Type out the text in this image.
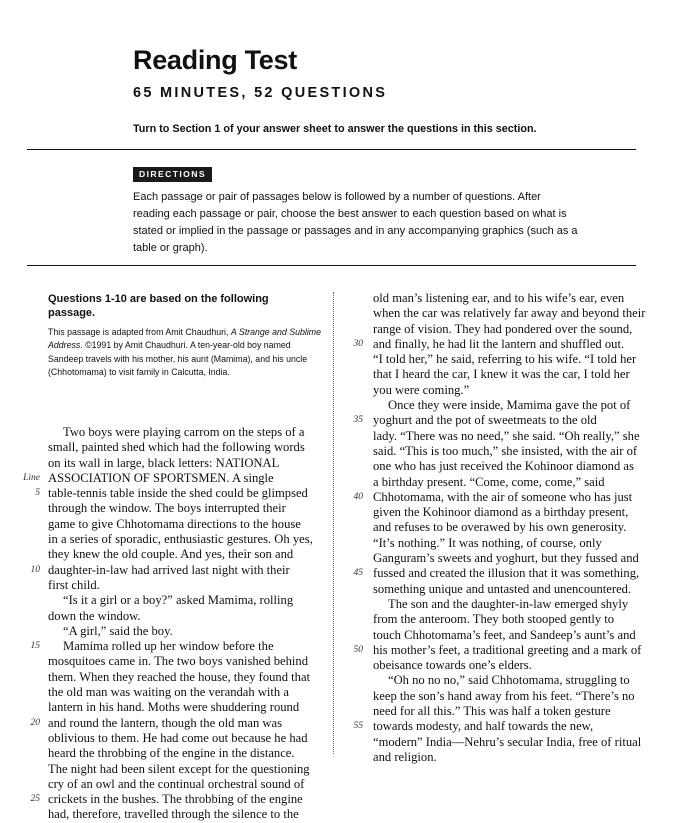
Reading Test
65 MINUTES, 52 QUESTIONS
Turn to Section 1 of your answer sheet to answer the questions in this section.
DIRECTIONS
Each passage or pair of passages below is followed by a number of questions. After reading each passage or pair, choose the best answer to each question based on what is stated or implied in the passage or passages and in any accompanying graphics (such as a table or graph).
Questions 1-10 are based on the following passage.
This passage is adapted from Amit Chaudhuri, A Strange and Sublime Address. ©1991 by Amit Chaudhuri. A ten-year-old boy named Sandeep travels with his mother, his aunt (Mamima), and his uncle (Chhotomama) to visit family in Calcutta, India.
Two boys were playing carrom on the steps of a
small, painted shed which had the following words
on its wall in large, black letters: NATIONAL
Line ASSOCIATION OF SPORTSMEN. A single
5 table-tennis table inside the shed could be glimpsed
through the window. The boys interrupted their
game to give Chhotomama directions to the house
in a series of sporadic, enthusiastic gestures. Oh yes,
they knew the old couple. And yes, their son and
10 daughter-in-law had arrived last night with their
first child.
“Is it a girl or a boy?” asked Mamima, rolling
down the window.
“A girl,” said the boy.
15 Mamima rolled up her window before the
mosquitoes came in. The two boys vanished behind
them. When they reached the house, they found that
the old man was waiting on the verandah with a
lantern in his hand. Moths were shuddering round
20 and round the lantern, though the old man was
oblivious to them. He had come out because he had
heard the throbbing of the engine in the distance.
The night had been silent except for the questioning
cry of an owl and the continual orchestral sound of
25 crickets in the bushes. The throbbing of the engine
had, therefore, travelled through the silence to the
old man’s listening ear, and to his wife’s ear, even
when the car was relatively far away and beyond their
range of vision. They had pondered over the sound,
30 and finally, he had lit the lantern and shuffled out.
“I told her,” he said, referring to his wife. “I told her
that I heard the car, I knew it was the car, I told her
you were coming.”
Once they were inside, Mamima gave the pot of
35 yoghurt and the pot of sweetmeats to the old
lady. “There was no need,” she said. “Oh really,” she
said. “This is too much,” she insisted, with the air of
one who has just received the Kohinoor diamond as
a birthday present. “Come, come, come,” said
40 Chhotomama, with the air of someone who has just
given the Kohinoor diamond as a birthday present,
and refuses to be overawed by his own generosity.
“It’s nothing.” It was nothing, of course, only
Ganguram’s sweets and yoghurt, but they fussed and
45 fussed and created the illusion that it was something,
something unique and untasted and unencountered.
The son and the daughter-in-law emerged shyly
from the anteroom. They both stooped gently to
touch Chhotomama’s feet, and Sandeep’s aunt’s and
50 his mother’s feet, a traditional greeting and a mark of
obeisance towards one’s elders.
“Oh no no no,” said Chhotomama, struggling to
keep the son’s hand away from his feet. “There’s no
need for all this.” This was half a token gesture
55 towards modesty, and half towards the new,
“modern” India—Nehru’s secular India, free of ritual
and religion.
